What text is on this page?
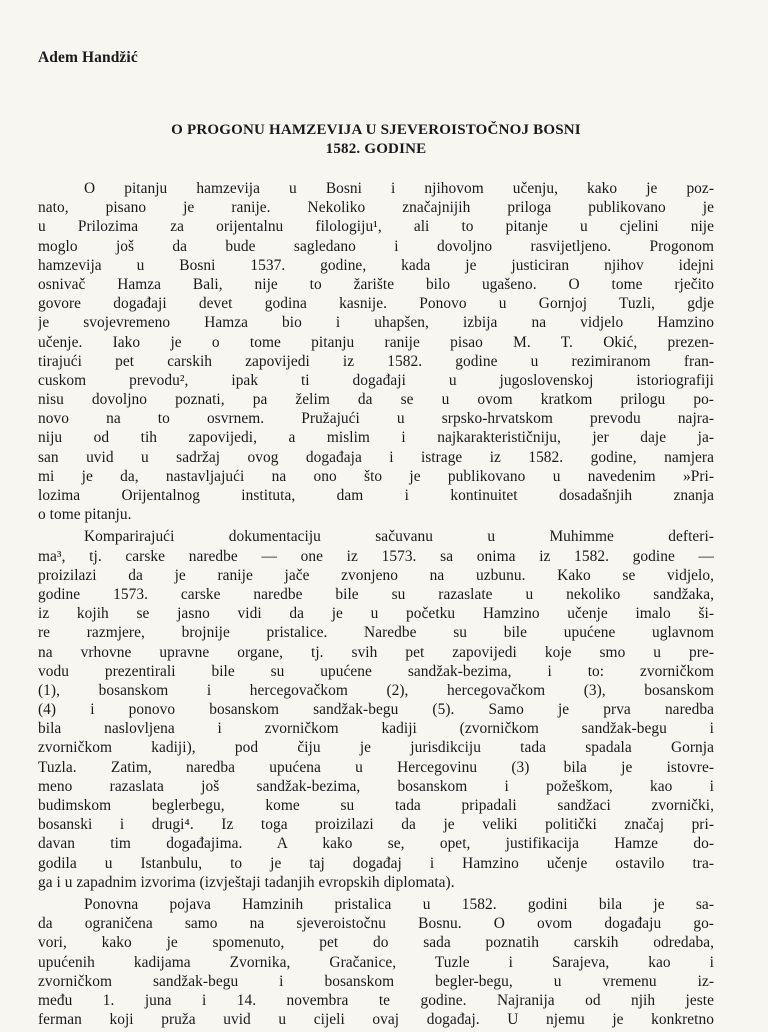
Adem Handžić
O PROGONU HAMZEVIJA U SJEVEROISTOČNOJ BOSNI
1582. GODINE
O pitanju hamzevija u Bosni i njihovom učenju, kako je poz-
nato, pisano je ranije. Nekoliko značajnijih priloga publikovano je
u Prilozima za orijentalnu filologiju¹, ali to pitanje u cjelini nije
moglo još da bude sagledano i dovoljno rasvijetljeno. Progonom
hamzevija u Bosni 1537. godine, kada je justiciran njihov idejni
osnivač Hamza Bali, nije to žarište bilo ugašeno. O tome rječito
govore događaji devet godina kasnije. Ponovo u Gornjoj Tuzli, gdje
je svojevremeno Hamza bio i uhapšen, izbija na vidjelo Hamzino
učenje. Iako je o tome pitanju ranije pisao M. T. Okić, prezen-
tirajući pet carskih zapovijedi iz 1582. godine u rezimiranom fran-
cuskom prevodu², ipak ti događaji u jugoslovenskoj istoriografiji
nisu dovoljno poznati, pa želim da se u ovom kratkom prilogu po-
novo na to osvrnem. Pružajući u srpsko-hrvatskom prevodu najra-
niju od tih zapovijedi, a mislim i najkarakterističniju, jer daje ja-
san uvid u sadržaj ovog događaja i istrage iz 1582. godine, namjera
mi je da, nastavljajući na ono što je publikovano u navedenim »Pri-
lozima Orijentalnog instituta, dam i kontinuitet dosadašnjih znanja
o tome pitanju.
Komparirajući dokumentaciju sačuvanu u Muhimme defteri-
ma³, tj. carske naredbe — one iz 1573. sa onima iz 1582. godine —
proizilazi da je ranije jače zvonjeno na uzbunu. Kako se vidjelo,
godine 1573. carske naredbe bile su razaslate u nekoliko sandžaka,
iz kojih se jasno vidi da je u početku Hamzino učenje imalo ši-
re razmjere, brojnije pristalice. Naredbe su bile upućene uglavnom
na vrhovne upravne organe, tj. svih pet zapovijedi koje smo u pre-
vodu prezentirali bile su upućene sandžak-bezima, i to: zvorničkom
(1), bosanskom i hercegovačkom (2), hercegovačkom (3), bosanskom
(4) i ponovo bosanskom sandžak-begu (5). Samo je prva naredba
bila naslovljena i zvorničkom kadiji (zvorničkom sandžak-begu i
zvorničkom kadiji), pod čiju je jurisdikciju tada spadala Gornja
Tuzla. Zatim, naredba upućena u Hercegovinu (3) bila je istovre-
meno razaslata još sandžak-bezima, bosanskom i požeškom, kao i
budimskom beglerbegu, kome su tada pripadali sandžaci zvornički,
bosanski i drugi⁴. Iz toga proizilazi da je veliki politički značaj pri-
davan tim događajima. A kako se, opet, justifikacija Hamze do-
godila u Istanbulu, to je taj događaj i Hamzino učenje ostavilo tra-
ga i u zapadnim izvorima (izvještaji tadanjih evropskih diplomata).
Ponovna pojava Hamzinih pristalica u 1582. godini bila je sa-
da ograničena samo na sjeveroistočnu Bosnu. O ovom događaju go-
vori, kako je spomenuto, pet do sada poznatih carskih odredaba,
upućenih kadijama Zvornika, Gračanice, Tuzle i Sarajeva, kao i
zvorničkom sandžak-begu i bosanskom begler-begu, u vremenu iz-
među 1. juna i 14. novembra te godine. Najranija od njih jeste
ferman koji pruža uvid u cijeli ovaj događaj. U njemu je konkretno
